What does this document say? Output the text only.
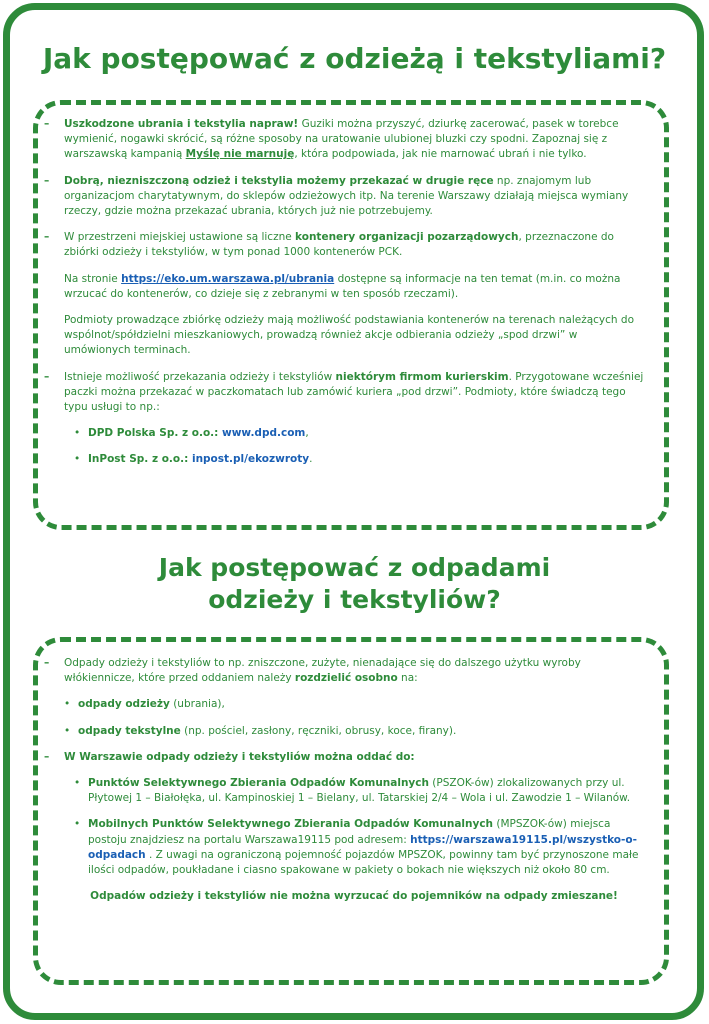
Jak postępować z odzieżą i tekstyliami?

– Uszkodzone ubrania i tekstylia napraw! Guziki można przyszyć, dziurkę zacerować, pasek w torebce wymienić, nogawki skrócić, są różne sposoby na uratowanie ulubionej bluzki czy spodni. Zapoznaj się z warszawską kampanią Myślę nie marnuję, która podpowiada, jak nie marnować ubrań i nie tylko.

– Dobrą, niezniszczoną odzież i tekstylia możemy przekazać w drugie ręce np. znajomym lub organizacjom charytatywnym, do sklepów odzieżowych itp. Na terenie Warszawy działają miejsca wymiany rzeczy, gdzie można przekazać ubrania, których już nie potrzebujemy.

– W przestrzeni miejskiej ustawione są liczne kontenery organizacji pozarządowych, przeznaczone do zbiórki odzieży i tekstyliów, w tym ponad 1000 kontenerów PCK.

Na stronie https://eko.um.warszawa.pl/ubrania dostępne są informacje na ten temat (m.in. co można wrzucać do kontenerów, co dzieje się z zebranymi w ten sposób rzeczami).

Podmioty prowadzące zbiórkę odzieży mają możliwość podstawiania kontenerów na terenach należących do wspólnot/spółdzielni mieszkaniowych, prowadzą również akcje odbierania odzieży „spod drzwi” w umówionych terminach.

– Istnieje możliwość przekazania odzieży i tekstyliów niektórym firmom kurierskim. Przygotowane wcześniej paczki można przekazać w paczkomatach lub zamówić kuriera „pod drzwi”. Podmioty, które świadczą tego typu usługi to np.:

• DPD Polska Sp. z o.o.: www.dpd.com,
• InPost Sp. z o.o.: inpost.pl/ekozwroty.
Jak postępować z odpadami
odzieży i tekstyliów?

– Odpady odzieży i tekstyliów to np. zniszczone, zużyte, nienadające się do dalszego użytku wyroby włókiennicze, które przed oddaniem należy rozdzielić osobno na:

• odpady odzieży (ubrania),
• odpady tekstylne (np. pościel, zasłony, ręczniki, obrusy, koce, firany).

– W Warszawie odpady odzieży i tekstyliów można oddać do:

• Punktów Selektywnego Zbierania Odpadów Komunalnych (PSZOK-ów) zlokalizowanych przy ul. Płytowej 1 – Białołęka, ul. Kampinoskiej 1 – Bielany, ul. Tatarskiej 2/4 – Wola i ul. Zawodzie 1 – Wilanów.
• Mobilnych Punktów Selektywnego Zbierania Odpadów Komunalnych (MPSZOK-ów) miejsca postoju znajdziesz na portalu Warszawa19115 pod adresem: https://warszawa19115.pl/wszystko-o-odpadach . Z uwagi na ograniczoną pojemność pojazdów MPSZOK, powinny tam być przynoszone małe ilości odpadów, poukładane i ciasno spakowane w pakiety o bokach nie większych niż około 80 cm.

Odpadów odzieży i tekstyliów nie można wyrzucać do pojemników na odpady zmieszane!
